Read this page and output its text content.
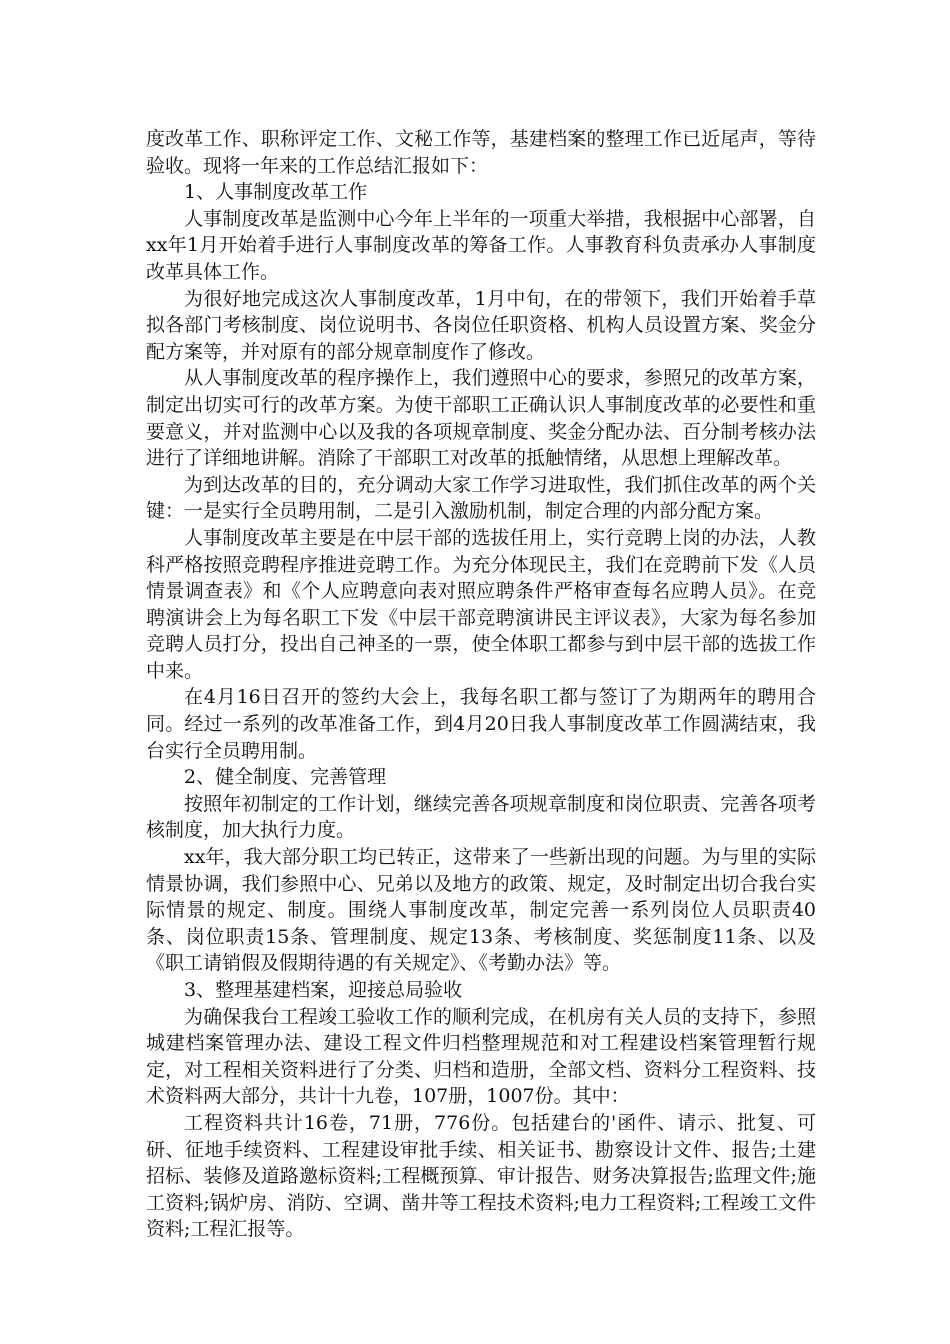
度改革工作、职称评定工作、文秘工作等，基建档案的整理工作已近尾声，等待验收。现将一年来的工作总结汇报如下：

1、人事制度改革工作

人事制度改革是监测中心今年上半年的一项重大举措，我根据中心部署，自xx年1月开始着手进行人事制度改革的筹备工作。人事教育科负责承办人事制度改革具体工作。

为很好地完成这次人事制度改革，1月中旬，在的带领下，我们开始着手草拟各部门考核制度、岗位说明书、各岗位任职资格、机构人员设置方案、奖金分配方案等，并对原有的部分规章制度作了修改。

从人事制度改革的程序操作上，我们遵照中心的要求，参照兄的改革方案，制定出切实可行的改革方案。为使干部职工正确认识人事制度改革的必要性和重要意义，并对监测中心以及我的各项规章制度、奖金分配办法、百分制考核办法进行了详细地讲解。消除了干部职工对改革的抵触情绪，从思想上理解改革。

为到达改革的目的，充分调动大家工作学习进取性，我们抓住改革的两个关键：一是实行全员聘用制，二是引入激励机制，制定合理的内部分配方案。

人事制度改革主要是在中层干部的选拔任用上，实行竞聘上岗的办法，人教科严格按照竞聘程序推进竞聘工作。为充分体现民主，我们在竞聘前下发《人员情景调查表》和《个人应聘意向表对照应聘条件严格审查每名应聘人员》。在竞聘演讲会上为每名职工下发《中层干部竞聘演讲民主评议表》，大家为每名参加竞聘人员打分，投出自己神圣的一票，使全体职工都参与到中层干部的选拔工作中来。

在4月16日召开的签约大会上，我每名职工都与签订了为期两年的聘用合同。经过一系列的改革准备工作，到4月20日我人事制度改革工作圆满结束，我台实行全员聘用制。

2、健全制度、完善管理

按照年初制定的工作计划，继续完善各项规章制度和岗位职责、完善各项考核制度，加大执行力度。

xx年，我大部分职工均已转正，这带来了一些新出现的问题。为与里的实际情景协调，我们参照中心、兄弟以及地方的政策、规定，及时制定出切合我台实际情景的规定、制度。围绕人事制度改革，制定完善一系列岗位人员职责40条、岗位职责15条、管理制度、规定13条、考核制度、奖惩制度11条、以及《职工请销假及假期待遇的有关规定》、《考勤办法》等。

3、整理基建档案，迎接总局验收

为确保我台工程竣工验收工作的顺利完成，在机房有关人员的支持下，参照城建档案管理办法、建设工程文件归档整理规范和对工程建设档案管理暂行规定，对工程相关资料进行了分类、归档和造册，全部文档、资料分工程资料、技术资料两大部分，共计十九卷，107册，1007份。其中：

工程资料共计16卷，71册，776份。包括建台的'函件、请示、批复、可研、征地手续资料、工程建设审批手续、相关证书、勘察设计文件、报告;土建招标、装修及道路邀标资料;工程概预算、审计报告、财务决算报告;监理文件;施工资料;锅炉房、消防、空调、凿井等工程技术资料;电力工程资料;工程竣工文件资料;工程汇报等。
